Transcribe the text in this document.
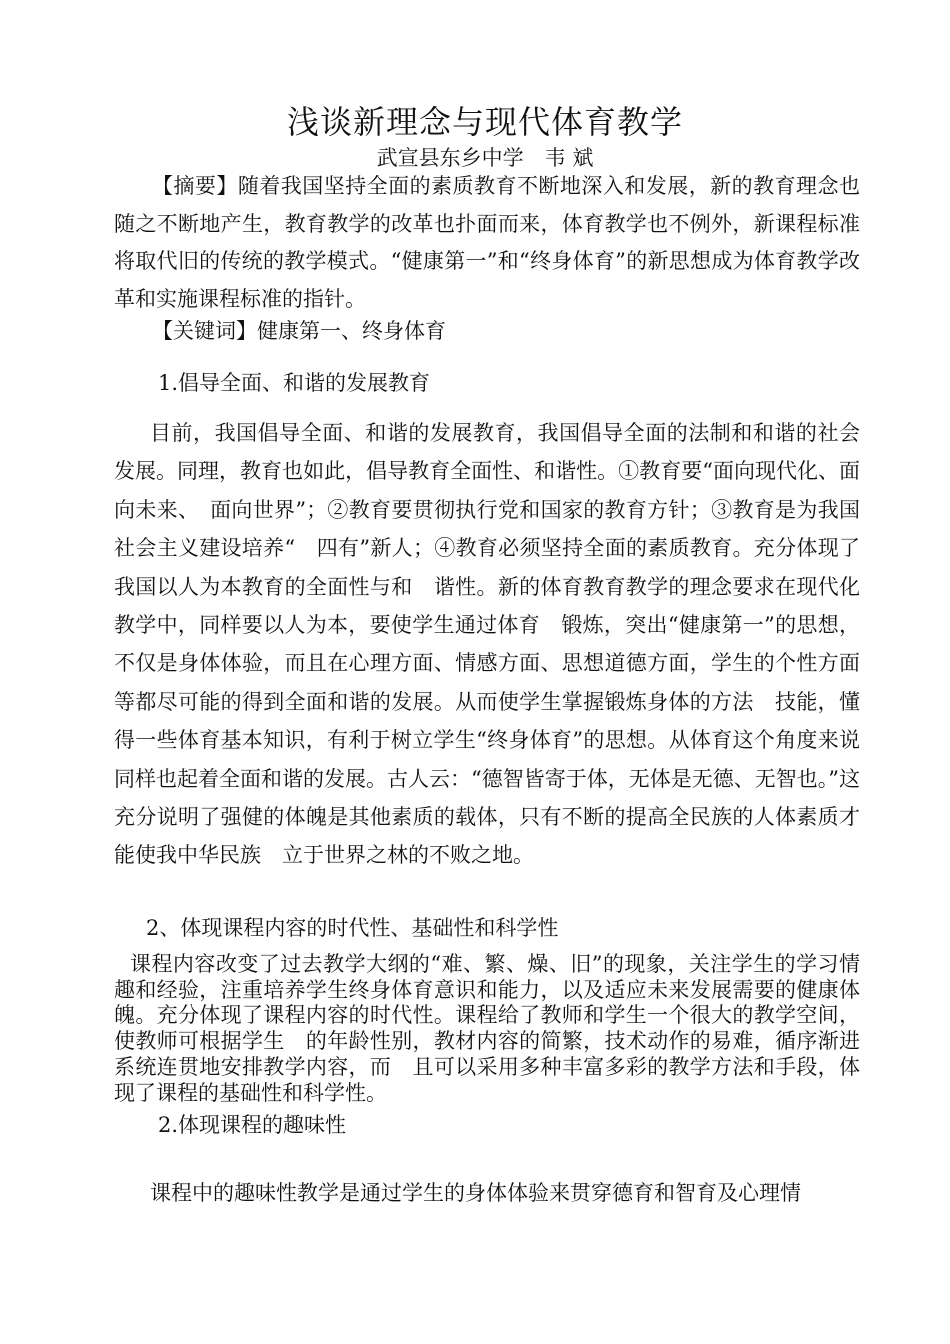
浅谈新理念与现代体育教学
武宣县东乡中学　韦 斌

【摘要】随着我国坚持全面的素质教育不断地深入和发展，新的教育理念也随之不断地产生，教育教学的改革也扑面而来，体育教学也不例外，新课程标准将取代旧的传统的教学模式。“健康第一”和“终身体育”的新思想成为体育教学改革和实施课程标准的指针。

【关键词】健康第一、终身体育

1.倡导全面、和谐的发展教育

目前，我国倡导全面、和谐的发展教育，我国倡导全面的法制和和谐的社会发展。同理，教育也如此，倡导教育全面性、和谐性。①教育要“面向现代化、面向未来、　面向世界”；②教育要贯彻执行党和国家的教育方针；③教育是为我国社会主义建设培养“　四有”新人；④教育必须坚持全面的素质教育。充分体现了我国以人为本教育的全面性与和　谐性。新的体育教育教学的理念要求在现代化教学中，同样要以人为本，要使学生通过体育　锻炼，突出“健康第一”的思想，不仅是身体体验，而且在心理方面、情感方面、思想道德方面，学生的个性方面等都尽可能的得到全面和谐的发展。从而使学生掌握锻炼身体的方法　技能，懂得一些体育基本知识，有利于树立学生“终身体育”的思想。从体育这个角度来说　同样也起着全面和谐的发展。古人云：“德智皆寄于体，无体是无德、无智也。”这充分说明了强健的体魄是其他素质的载体，只有不断的提高全民族的人体素质才能使我中华民族　立于世界之林的不败之地。

2、体现课程内容的时代性、基础性和科学性

课程内容改变了过去教学大纲的“难、繁、燥、旧”的现象，关注学生的学习情趣和经验，注重培养学生终身体育意识和能力，以及适应未来发展需要的健康体魄。充分体现了课程内容的时代性。课程给了教师和学生一个很大的教学空间，使教师可根据学生　的年龄性别，教材内容的简繁，技术动作的易难，循序渐进系统连贯地安排教学内容，而　且可以采用多种丰富多彩的教学方法和手段，体现了课程的基础性和科学性。

2.体现课程的趣味性

课程中的趣味性教学是通过学生的身体体验来贯穿德育和智育及心理情
